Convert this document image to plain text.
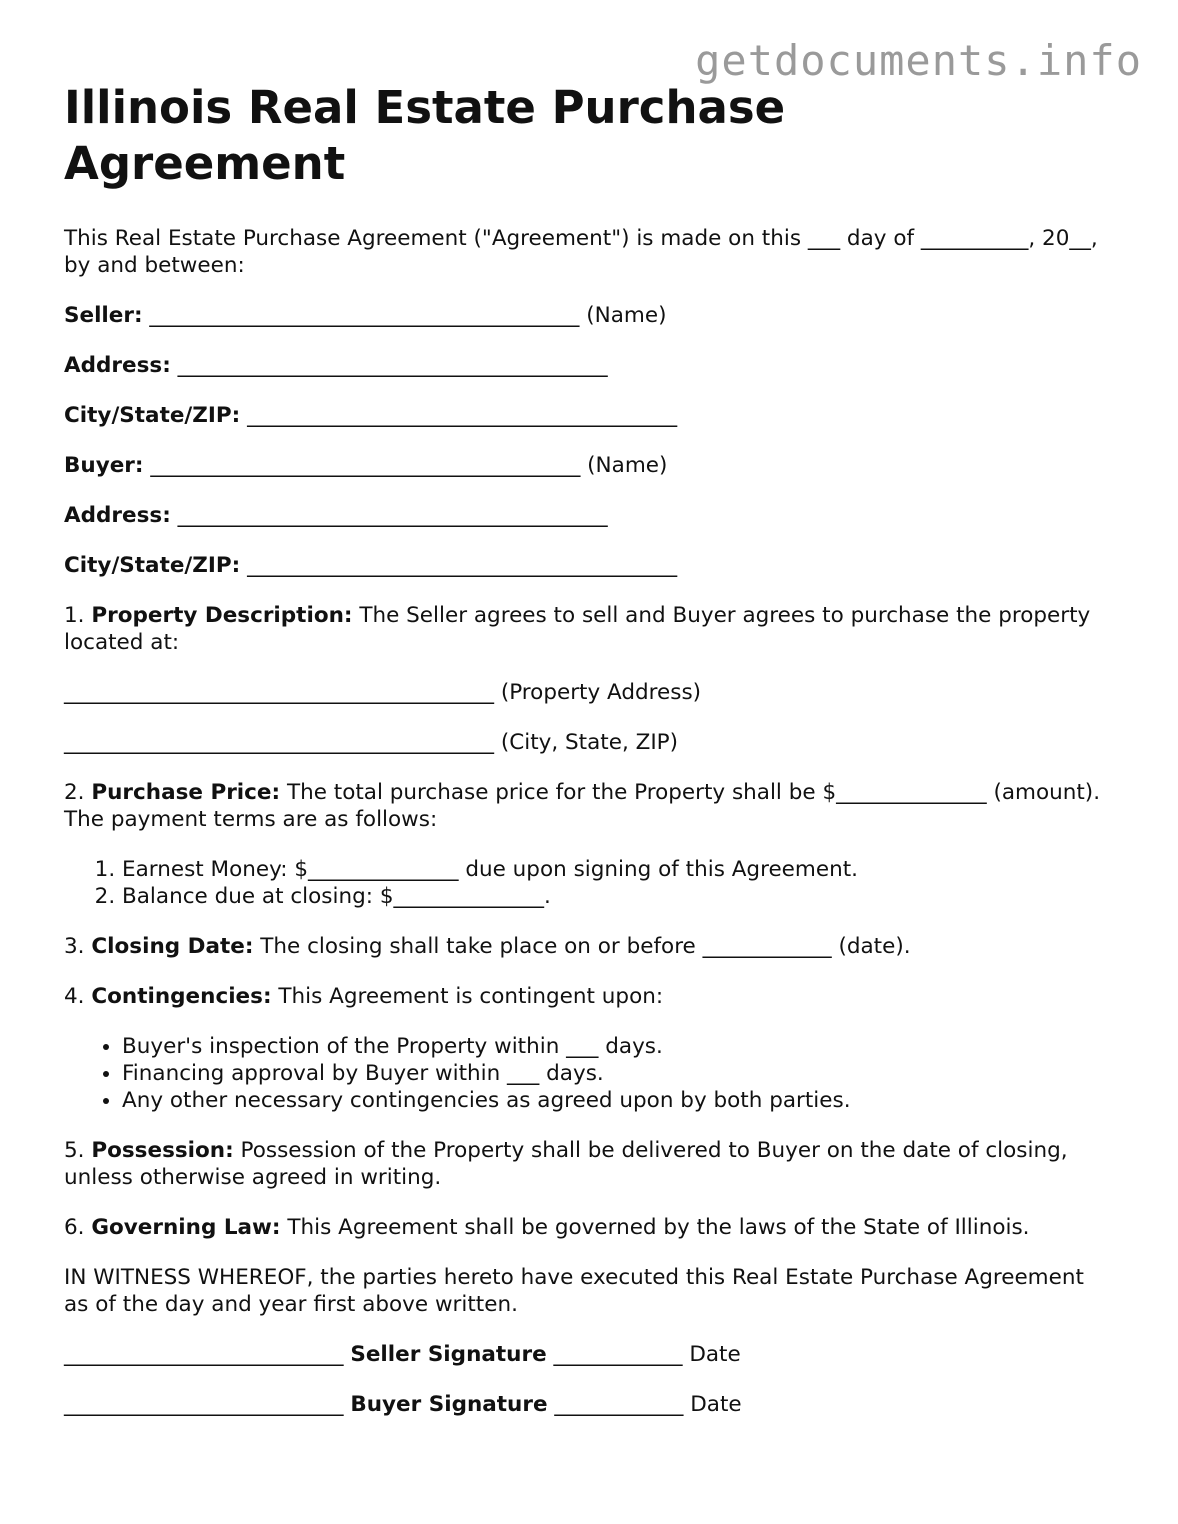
getdocuments.info
Illinois Real Estate Purchase Agreement

This Real Estate Purchase Agreement ("Agreement") is made on this ___ day of __________, 20__, by and between:

Seller: ________________________________________ (Name)

Address: ________________________________________

City/State/ZIP: ________________________________________

Buyer: ________________________________________ (Name)

Address: ________________________________________

City/State/ZIP: ________________________________________

1. Property Description: The Seller agrees to sell and Buyer agrees to purchase the property located at:

________________________________________ (Property Address)

________________________________________ (City, State, ZIP)

2. Purchase Price: The total purchase price for the Property shall be $______________ (amount). The payment terms are as follows:

1. Earnest Money: $______________ due upon signing of this Agreement.
2. Balance due at closing: $______________.

3. Closing Date: The closing shall take place on or before ____________ (date).

4. Contingencies: This Agreement is contingent upon:

• Buyer's inspection of the Property within ___ days.
• Financing approval by Buyer within ___ days.
• Any other necessary contingencies as agreed upon by both parties.

5. Possession: Possession of the Property shall be delivered to Buyer on the date of closing, unless otherwise agreed in writing.

6. Governing Law: This Agreement shall be governed by the laws of the State of Illinois.

IN WITNESS WHEREOF, the parties hereto have executed this Real Estate Purchase Agreement as of the day and year first above written.

__________________________ Seller Signature ____________ Date

__________________________ Buyer Signature ____________ Date
